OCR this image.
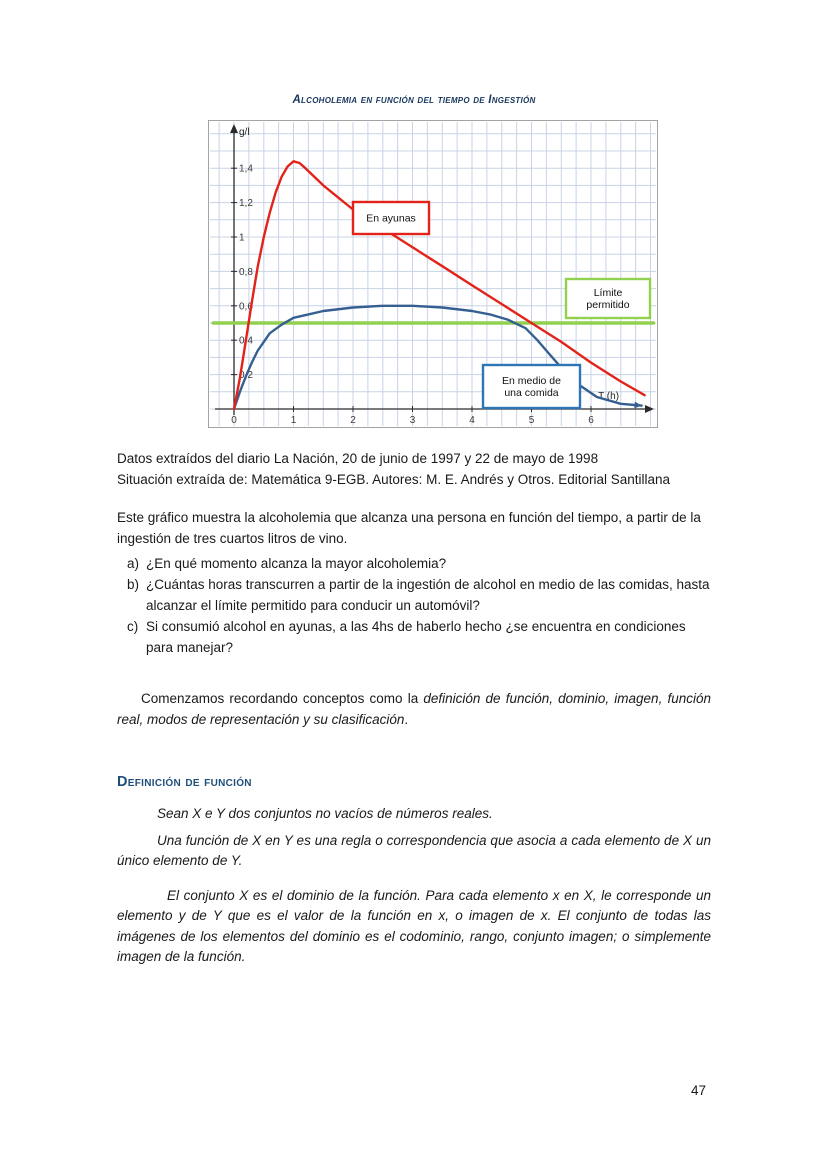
Alcoholemia en función del tiempo de Ingestión
0,2
0,4
0,6
0,8
1
1,2
1,4
0	1	2	3	4	5	6
g/l
T (h)
En ayunas
Límite
permitido
En medio de
una comida

Datos extraídos del diario La Nación, 20 de junio de 1997 y 22 de mayo de 1998

Situación extraída de: Matemática 9-EGB. Autores: M. E. Andrés y Otros. Editorial Santillana

Este gráfico muestra la alcoholemia que alcanza una persona en función del tiempo, a partir de la ingestión de tres cuartos litros de vino.

a) ¿En qué momento alcanza la mayor alcoholemia?
b) ¿Cuántas horas transcurren a partir de la ingestión de alcohol en medio de las comidas, hasta alcanzar el límite permitido para conducir un automóvil?
c) Si consumió alcohol en ayunas, a las 4hs de haberlo hecho ¿se encuentra en condiciones para manejar?

Comenzamos recordando conceptos como la definición de función, dominio, imagen, función real, modos de representación y su clasificación.

Definición de función

Sean X e Y dos conjuntos no vacíos de números reales.

Una función de X en Y es una regla o correspondencia que asocia a cada elemento de X un único elemento de Y.

El conjunto X es el dominio de la función. Para cada elemento x en X, le corresponde un elemento y de Y que es el valor de la función en x, o imagen de x. El conjunto de todas las imágenes de los elementos del dominio es el codominio, rango, conjunto imagen; o simplemente imagen de la función.

47
